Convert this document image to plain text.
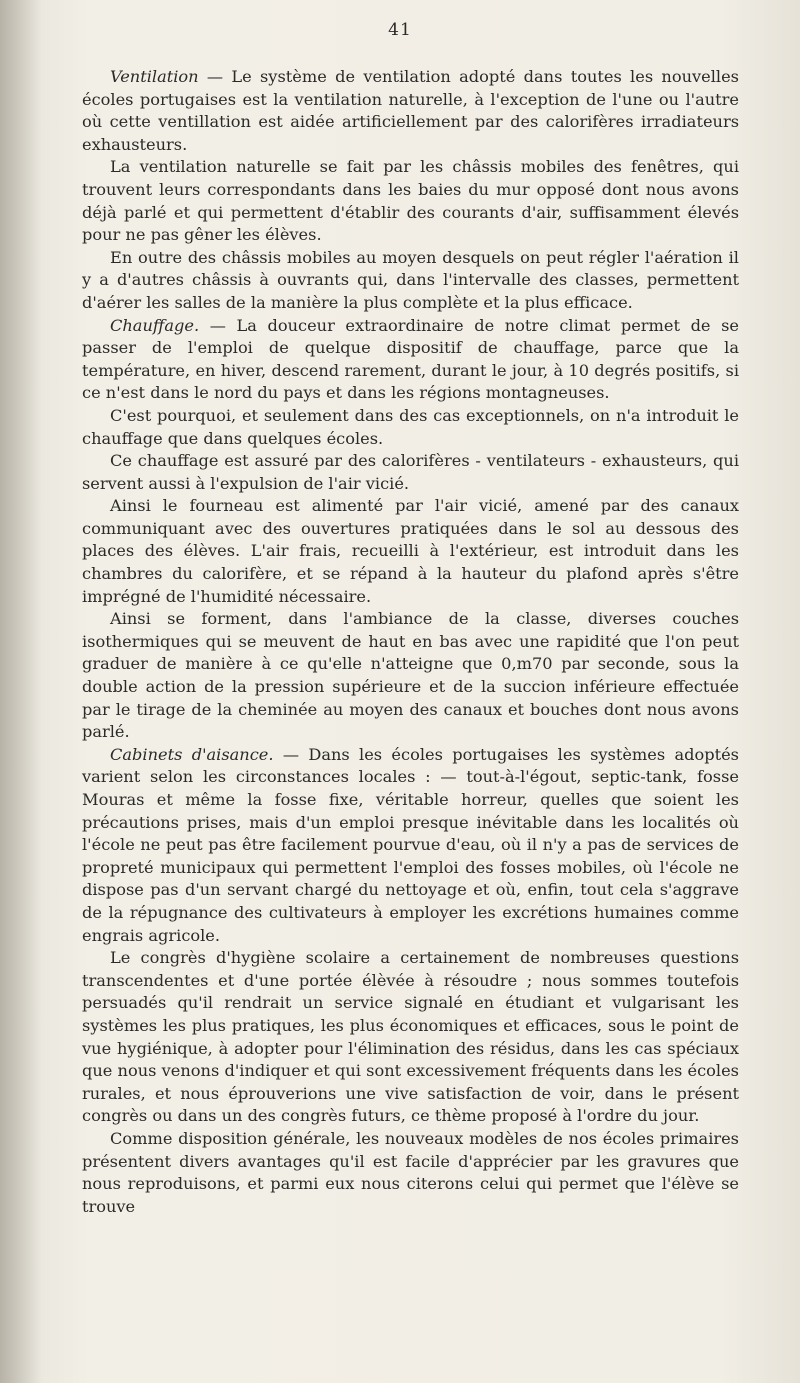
41

Ventilation — Le système de ventilation adopté dans toutes les nouvelles écoles portugaises est la ventilation naturelle, à l'exception de l'une ou l'autre où cette ventillation est aidée artificiellement par des calorifères irradiateurs exhausteurs.

La ventilation naturelle se fait par les châssis mobiles des fenêtres, qui trouvent leurs correspondants dans les baies du mur opposé dont nous avons déjà parlé et qui permettent d'établir des courants d'air, suffisamment élevés pour ne pas gêner les élèves.

En outre des châssis mobiles au moyen desquels on peut régler l'aération il y a d'autres châssis à ouvrants qui, dans l'intervalle des classes, permettent d'aérer les salles de la manière la plus complète et la plus efficace.

Chauffage. — La douceur extraordinaire de notre climat permet de se passer de l'emploi de quelque dispositif de chauffage, parce que la température, en hiver, descend rarement, durant le jour, à 10 degrés positifs, si ce n'est dans le nord du pays et dans les régions montagneuses.

C'est pourquoi, et seulement dans des cas exceptionnels, on n'a introduit le chauffage que dans quelques écoles.

Ce chauffage est assuré par des calorifères - ventilateurs - exhausteurs, qui servent aussi à l'expulsion de l'air vicié.

Ainsi le fourneau est alimenté par l'air vicié, amené par des canaux communiquant avec des ouvertures pratiquées dans le sol au dessous des places des élèves. L'air frais, recueilli à l'extérieur, est introduit dans les chambres du calorifère, et se répand à la hauteur du plafond après s'être imprégné de l'humidité nécessaire.

Ainsi se forment, dans l'ambiance de la classe, diverses couches isothermiques qui se meuvent de haut en bas avec une rapidité que l'on peut graduer de manière à ce qu'elle n'atteigne que 0,m70 par seconde, sous la double action de la pression supérieure et de la succion inférieure effectuée par le tirage de la cheminée au moyen des canaux et bouches dont nous avons parlé.

Cabinets d'aisance. — Dans les écoles portugaises les systèmes adoptés varient selon les circonstances locales : — tout-à-l'égout, septic-tank, fosse Mouras et même la fosse fixe, véritable horreur, quelles que soient les précautions prises, mais d'un emploi presque inévitable dans les localités où l'école ne peut pas être facilement pourvue d'eau, où il n'y a pas de services de propreté municipaux qui permettent l'emploi des fosses mobiles, où l'école ne dispose pas d'un servant chargé du nettoyage et où, enfin, tout cela s'aggrave de la répugnance des cultivateurs à employer les excrétions humaines comme engrais agricole.

Le congrès d'hygiène scolaire a certainement de nombreuses questions transcendentes et d'une portée élèvée à résoudre ; nous sommes toutefois persuadés qu'il rendrait un service signalé en étudiant et vulgarisant les systèmes les plus pratiques, les plus économiques et efficaces, sous le point de vue hygiénique, à adopter pour l'élimination des résidus, dans les cas spéciaux que nous venons d'indiquer et qui sont excessivement fréquents dans les écoles rurales, et nous éprouverions une vive satisfaction de voir, dans le présent congrès ou dans un des congrès futurs, ce thème proposé à l'ordre du jour.

Comme disposition générale, les nouveaux modèles de nos écoles primaires présentent divers avantages qu'il est facile d'apprécier par les gravures que nous reproduisons, et parmi eux nous citerons celui qui permet que l'élève se trouve
